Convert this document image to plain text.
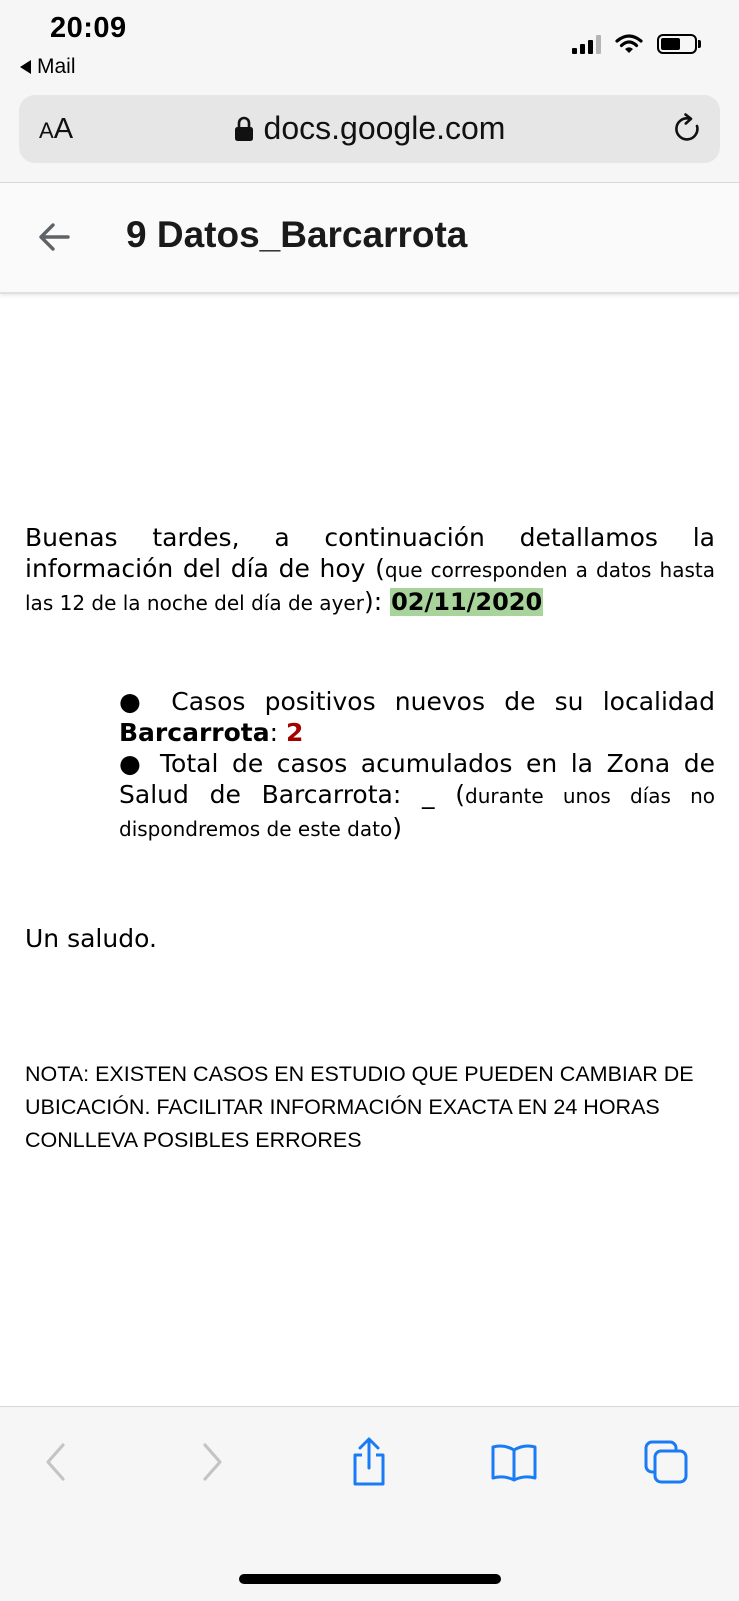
20:09
Mail
AA	docs.google.com
9 Datos_Barcarrota
Buenas tardes, a continuación detallamos la información del día de hoy (que corresponden a datos hasta las 12 de la noche del día de ayer): 02/11/2020
● Casos positivos nuevos de su localidad Barcarrota: 2
● Total de casos acumulados en la Zona de Salud de Barcarrota: _ (durante unos días no dispondremos de este dato)
Un saludo.
NOTA: EXISTEN CASOS EN ESTUDIO QUE PUEDEN CAMBIAR DE UBICACIÓN. FACILITAR INFORMACIÓN EXACTA EN 24 HORAS CONLLEVA POSIBLES ERRORES
